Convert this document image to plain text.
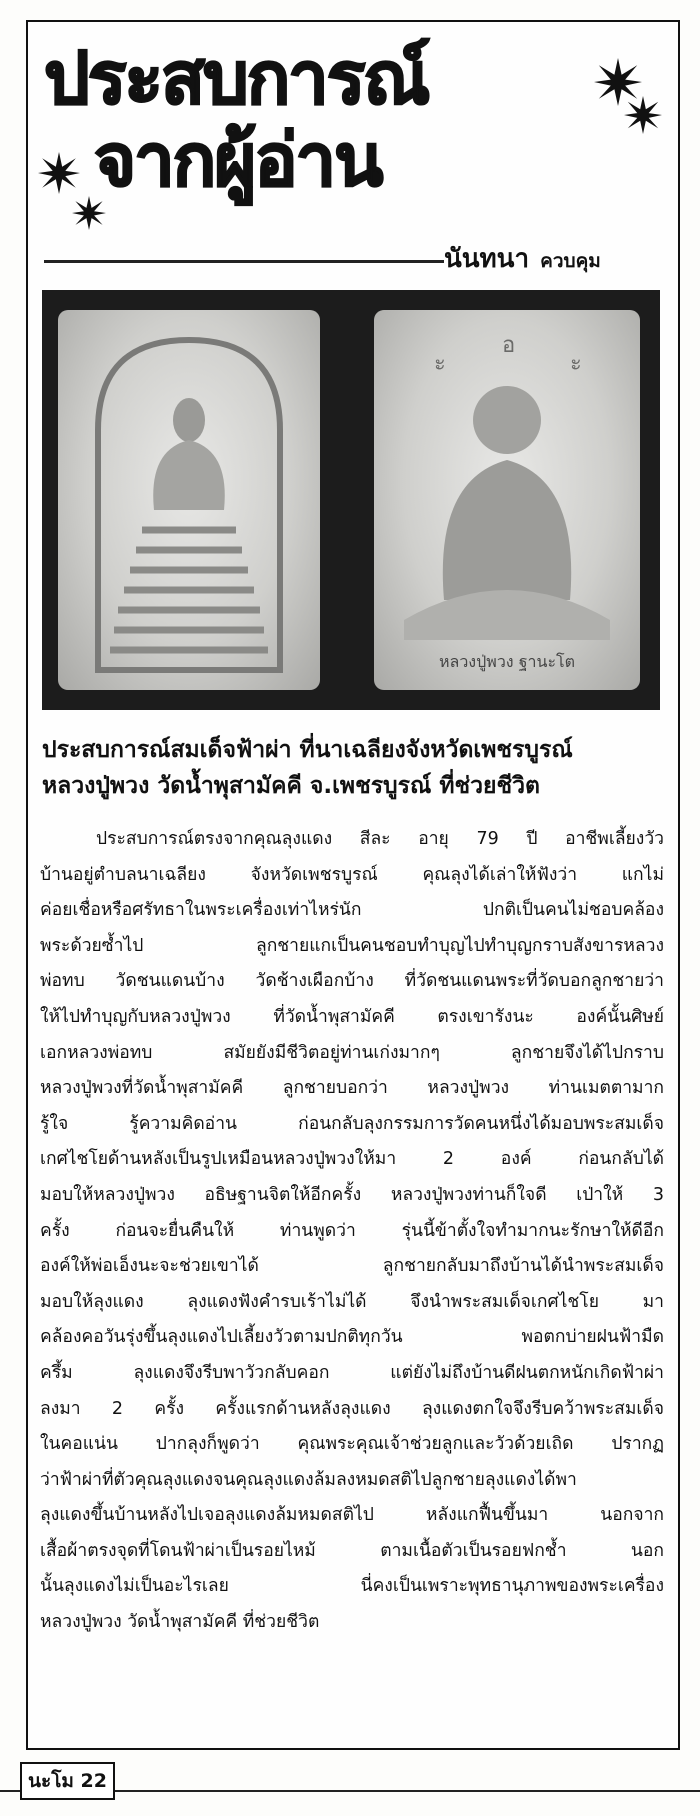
ประสบการณ์
จากผู้อ่าน
นันทนา ควบคุม
ะ
อ
ะ
หลวงปู่พวง ฐานะโต
ประสบการณ์สมเด็จฟ้าผ่า ที่นาเฉลียงจังหวัดเพชรบูรณ์
หลวงปู่พวง วัดน้ำพุสามัคคี จ.เพชรบูรณ์ ที่ช่วยชีวิต
ประสบการณ์ตรงจากคุณลุงแดง สีละ อายุ 79 ปี อาชีพเลี้ยงวัว
บ้านอยู่ตำบลนาเฉลียง จังหวัดเพชรบูรณ์ คุณลุงได้เล่าให้ฟังว่า แกไม่
ค่อยเชื่อหรือศรัทธาในพระเครื่องเท่าไหร่นัก ปกติเป็นคนไม่ชอบคล้อง
พระด้วยซ้ำไป ลูกชายแกเป็นคนชอบทำบุญไปทำบุญกราบสังขารหลวง
พ่อทบ วัดชนแดนบ้าง วัดช้างเผือกบ้าง ที่วัดชนแดนพระที่วัดบอกลูกชายว่า
ให้ไปทำบุญกับหลวงปู่พวง ที่วัดน้ำพุสามัคคี ตรงเขารังนะ องค์นั้นศิษย์
เอกหลวงพ่อทบ สมัยยังมีชีวิตอยู่ท่านเก่งมากๆ ลูกชายจึงได้ไปกราบ
หลวงปู่พวงที่วัดน้ำพุสามัคคี ลูกชายบอกว่า หลวงปู่พวง ท่านเมตตามาก
รู้ใจ รู้ความคิดอ่าน ก่อนกลับลุงกรรมการวัดคนหนึ่งได้มอบพระสมเด็จ
เกศไชโยด้านหลังเป็นรูปเหมือนหลวงปู่พวงให้มา 2 องค์ ก่อนกลับได้
มอบให้หลวงปู่พวง อธิษฐานจิตให้อีกครั้ง หลวงปู่พวงท่านก็ใจดี เป่าให้ 3
ครั้ง ก่อนจะยื่นคืนให้ ท่านพูดว่า รุ่นนี้ข้าตั้งใจทำมากนะรักษาให้ดีอีก
องค์ให้พ่อเอ็งนะจะช่วยเขาได้ ลูกชายกลับมาถึงบ้านได้นำพระสมเด็จ
มอบให้ลุงแดง ลุงแดงฟังคำรบเร้าไม่ได้ จึงนำพระสมเด็จเกศไชโย มา
คล้องคอวันรุ่งขึ้นลุงแดงไปเลี้ยงวัวตามปกติทุกวัน พอตกบ่ายฝนฟ้ามืด
ครึ้ม ลุงแดงจึงรีบพาวัวกลับคอก แต่ยังไม่ถึงบ้านดีฝนตกหนักเกิดฟ้าผ่า
ลงมา 2 ครั้ง ครั้งแรกด้านหลังลุงแดง ลุงแดงตกใจจึงรีบคว้าพระสมเด็จ
ในคอแน่น ปากลุงก็พูดว่า คุณพระคุณเจ้าช่วยลูกและวัวด้วยเถิด ปรากฏ
ว่าฟ้าผ่าที่ตัวคุณลุงแดงจนคุณลุงแดงล้มลงหมดสติไปลูกชายลุงแดงได้พา
ลุงแดงขึ้นบ้านหลังไปเจอลุงแดงล้มหมดสติไป หลังแกฟื้นขึ้นมา นอกจาก
เสื้อผ้าตรงจุดที่โดนฟ้าผ่าเป็นรอยไหม้ ตามเนื้อตัวเป็นรอยฟกช้ำ นอก
นั้นลุงแดงไม่เป็นอะไรเลย นี่คงเป็นเพราะพุทธานุภาพของพระเครื่อง
หลวงปู่พวง วัดน้ำพุสามัคคี ที่ช่วยชีวิต
นะโม 22
